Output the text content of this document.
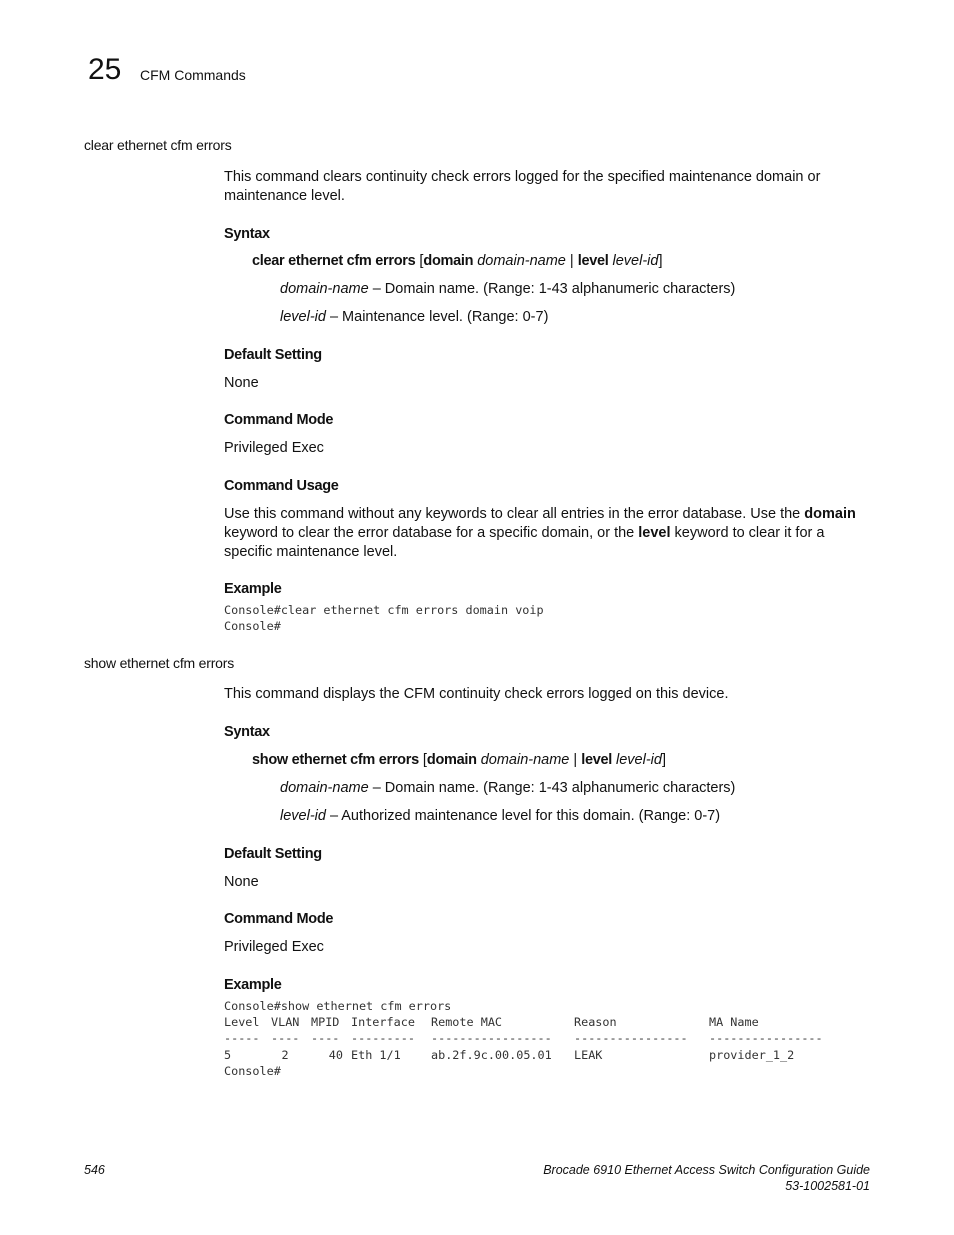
25 CFM Commands
clear ethernet cfm errors
This command clears continuity check errors logged for the specified maintenance domain or maintenance level.
Syntax
clear ethernet cfm errors [domain domain-name | level level-id]
domain-name – Domain name. (Range: 1-43 alphanumeric characters)
level-id – Maintenance level. (Range: 0-7)
Default Setting
None
Command Mode
Privileged Exec
Command Usage
Use this command without any keywords to clear all entries in the error database. Use the domain keyword to clear the error database for a specific domain, or the level keyword to clear it for a specific maintenance level.
Example
Console#clear ethernet cfm errors domain voip
Console#
show ethernet cfm errors
This command displays the CFM continuity check errors logged on this device.
Syntax
show ethernet cfm errors [domain domain-name | level level-id]
domain-name – Domain name. (Range: 1-43 alphanumeric characters)
level-id – Authorized maintenance level for this domain. (Range: 0-7)
Default Setting
None
Command Mode
Privileged Exec
Example
Console#show ethernet cfm errors
Level VLAN MPID Interface Remote MAC	Reason	MA Name
----- ---- ---- --------- ----------------- ---------------- ----------------
5	2	40 Eth 1/1	ab.2f.9c.00.05.01 LEAK	provider_1_2
Console#
546	Brocade 6910 Ethernet Access Switch Configuration Guide
53-1002581-01
